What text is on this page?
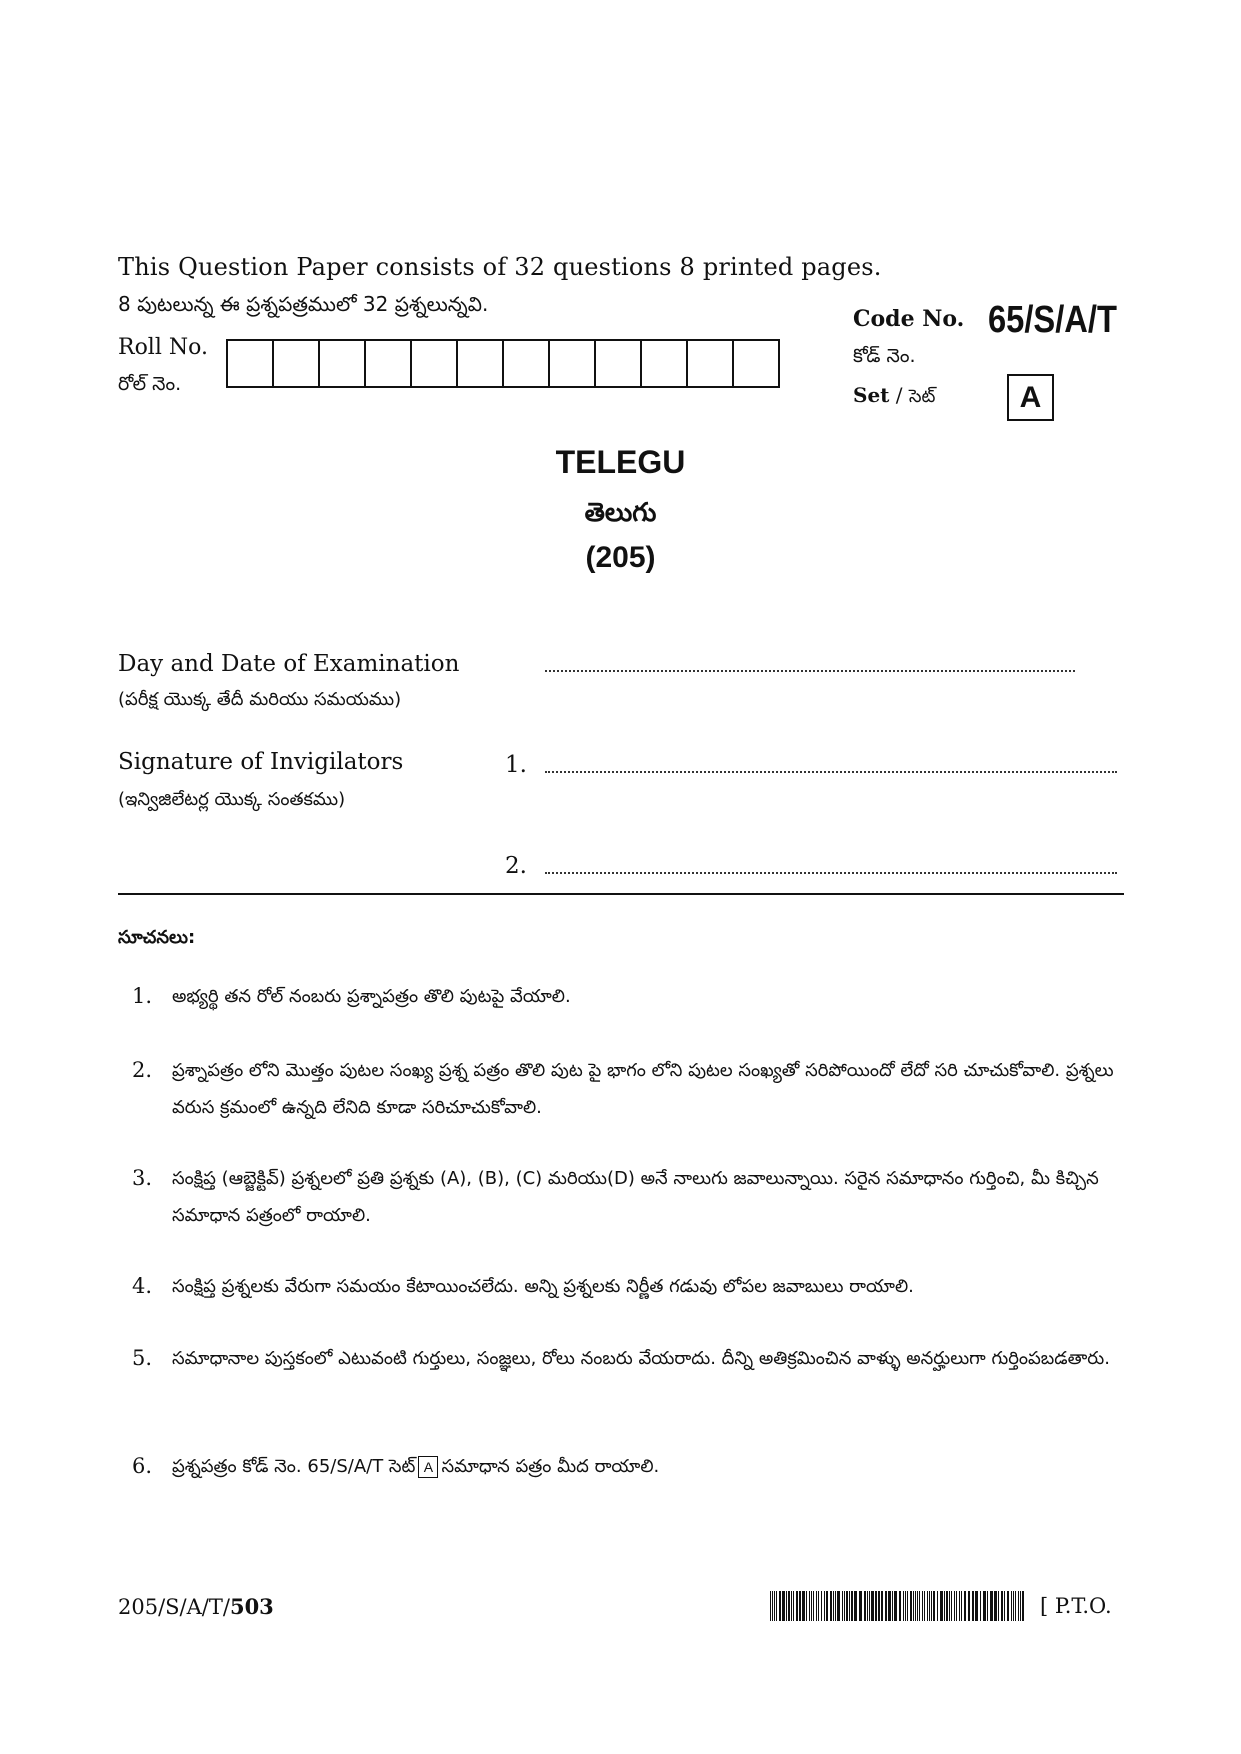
This Question Paper consists of 32 questions 8 printed pages.
8 పుటలున్న ఈ ప్రశ్నపత్రములో 32 ప్రశ్నలున్నవి.
Roll No.
రోల్ నెం.
Code No. 65/S/A/T
కోడ్ నెం.
Set / సెట్	A
TELEGU
తెలుగు
(205)
Day and Date of Examination
(పరీక్ష యొక్క తేదీ మరియు సమయము)
Signature of Invigilators
(ఇన్విజిలేటర్ల యొక్క సంతకము)
1.
2.
సూచనలు:
1.	అభ్యర్థి తన రోల్ నంబరు ప్రశ్నాపత్రం తొలి పుటపై వేయాలి.
2.	ప్రశ్నాపత్రం లోని మొత్తం పుటల సంఖ్య ప్రశ్న పత్రం తొలి పుట పై భాగం లోని పుటల సంఖ్యతో సరిపోయిందో లేదో సరి చూచుకోవాలి. ప్రశ్నలు వరుస క్రమంలో ఉన్నది లేనిది కూడా సరిచూచుకోవాలి.
3.	సంక్షిప్త (ఆబ్జెక్టివ్) ప్రశ్నలలో ప్రతి ప్రశ్నకు (A), (B), (C) మరియు(D) అనే నాలుగు జవాలున్నాయి. సరైన సమాధానం గుర్తించి, మీ కిచ్చిన సమాధాన పత్రంలో రాయాలి.
4.	సంక్షిప్త ప్రశ్నలకు వేరుగా సమయం కేటాయించలేదు. అన్ని ప్రశ్నలకు నిర్ణీత గడువు లోపల జవాబులు రాయాలి.
5.	సమాధానాల పుస్తకంలో ఎటువంటి గుర్తులు, సంజ్ఞలు, రోలు నంబరు వేయరాదు. దీన్ని అతిక్రమించిన వాళ్ళు అనర్హులుగా గుర్తింపబడతారు.
6.	ప్రశ్నపత్రం కోడ్ నెం. 65/S/A/T సెట్ A సమాధాన పత్రం మీద రాయాలి.
205/S/A/T/503	[ P.T.O.
